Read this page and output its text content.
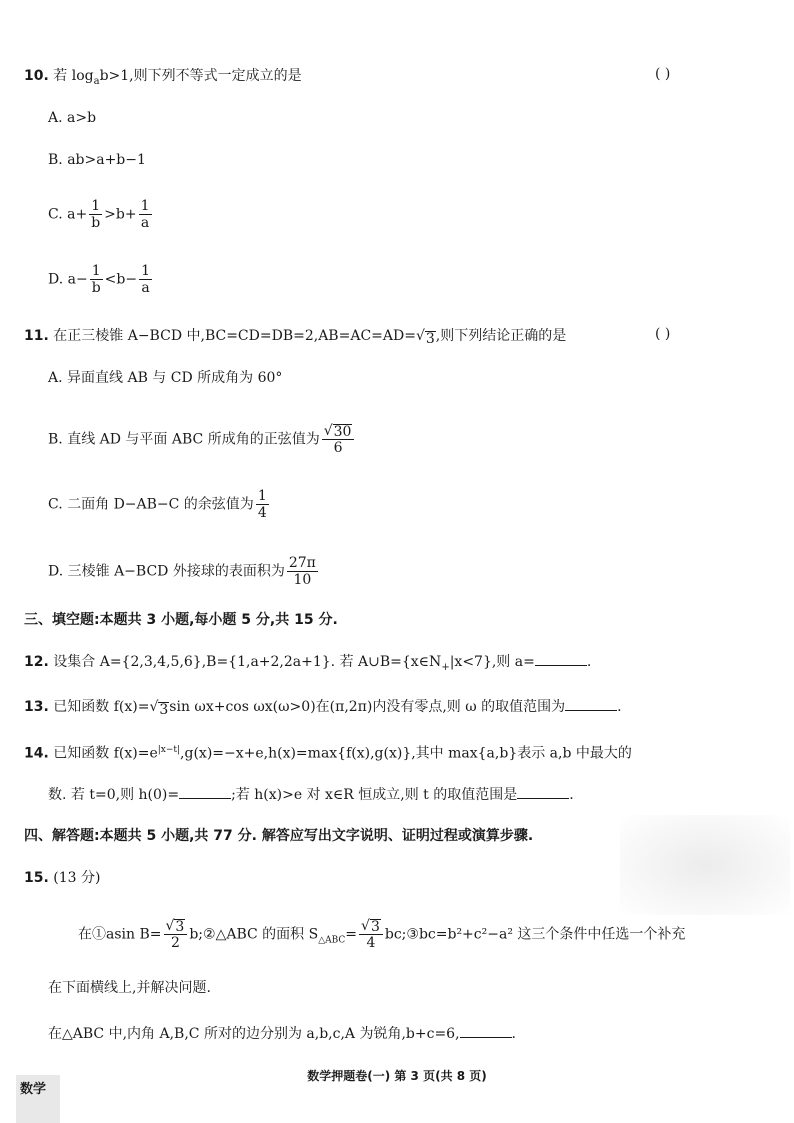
10. 若 $\log_ab>1$,则下列不等式一定成立的是	( )
A. a>b
B. ab>a+b−1
C. $a+ \frac{1}{b} >b+ \frac{1}{a}$
D. $a- \frac{1}{b} <b- \frac{1}{a}$
11. 在正三棱锥 A−BCD 中,BC=CD=DB=2,AB=AC=AD=√ 3 ,则下列结论正确的是	( )
A. 异面直线 AB 与 CD 所成角为 60°
B. 直线 AD 与平面 ABC 所成角的正弦值为 $\frac{√ 30}{6}$
C. 二面角 D−AB−C 的余弦值为 $\frac{1}{4}$
D. 三棱锥 A−BCD 外接球的表面积为 $\frac{27\pi}{10}$
三、填空题:本题共 3 小题,每小题 5 分,共 15 分.
12. 设集合 A={2,3,4,5,6},B={1,a+2,2a+1}. 若 $A\cup B=\{x\in N_+|x<7\}$,则 a=	.
13. 已知函数 f(x)=√ 3 sin ωx+cos ωx(ω>0)在(π,2π)内没有零点,则 ω 的取值范围为	.
14. 已知函数 $f(x)=e^{|x-t|},g(x)=-x+e,h(x)=\max\{f(x),g(x)\}$,其中 max{a,b}表示 a,b 中最大的
数. 若 t=0,则 h(0)=	;若 h(x)>e 对 x∈R 恒成立,则 t 的取值范围是	.
四、解答题:本题共 5 小题,共 77 分. 解答应写出文字说明、证明过程或演算步骤.
15. (13 分)
在①asin $B= \frac{√ 3}{2}$ b;②△ABC 的面积 $S_{\triangle ABC}= \frac{√ 3}{4}$ bc;③bc=b²+c²−a² 这三个条件中任选一个补充
在下面横线上,并解决问题.
在△ABC 中,内角 A,B,C 所对的边分别为 a,b,c,A 为锐角,b+c=6,	.
数学押题卷(一) 第 3 页(共 8 页)
数学
